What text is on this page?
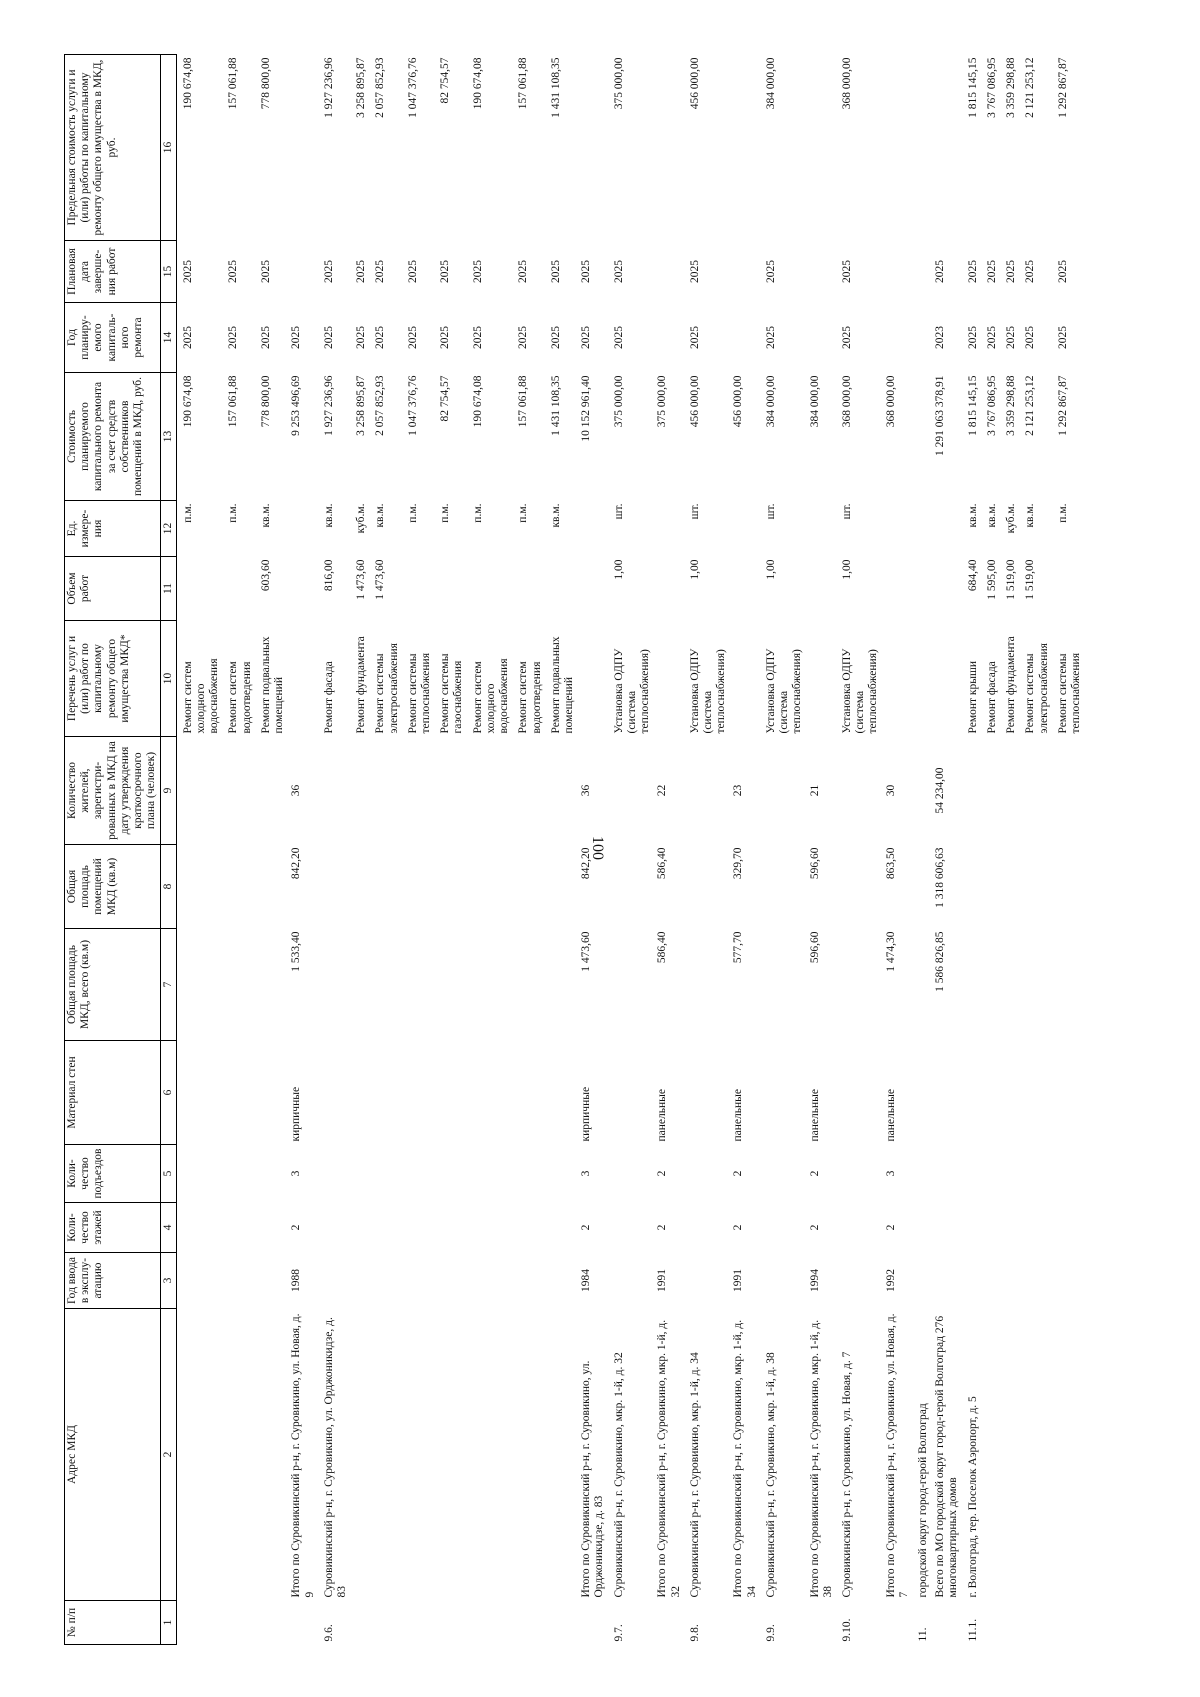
100
№ п/п	Адрес МКД	Год ввода в эксплу-атацию	Коли-чество этажей	Коли-чество подъездов	Материал стен	Общая площадь МКД, всего (кв.м)	Общая площадь помещений МКД (кв.м)	Количество жителей, зарегистри-рованных в МКД на дату утверждения краткосрочного плана (человек)	Перечень услуг и (или) работ по капитальному ремонту общего имущества МКД*	Объем работ	Ед. измере-ния	Стоимость планируемого капитального ремонта за счет средств собственников помещений в МКД, руб.	Год планиру-емого капиталь-ного ремонта	Плановая дата заверше-ния работ	Предельная стоимость услуги и (или) работы по капитальному ремонту общего имущества в МКД, руб.
1	2	3	4	5	6	7	8	9	10	11	12	13	14	15	16
									Ремонт систем холодного водоснабжения		п.м.	190 674,08	2025	2025	190 674,08
									Ремонт систем водоотведения		п.м.	157 061,88	2025	2025	157 061,88
									Ремонт подвальных помещений	603,60	кв.м.	778 800,00	2025	2025	778 800,00
	Итого по Суровикинский р-н, г. Суровикино, ул. Новая, д. 9	1988	2	3	кирпичные	1 533,40	842,20	36				9 253 496,69	2025		
9.6.	Суровикинский р-н, г. Суровикино, ул. Орджоникидзе, д. 83								Ремонт фасада	816,00	кв.м.	1 927 236,96	2025	2025	1 927 236,96
									Ремонт фундамента	1 473,60	куб.м.	3 258 895,87	2025	2025	3 258 895,87
									Ремонт системы электроснабжения	1 473,60	кв.м.	2 057 852,93	2025	2025	2 057 852,93
									Ремонт системы теплоснабжения		п.м.	1 047 376,76	2025	2025	1 047 376,76
									Ремонт системы газоснабжения		п.м.	82 754,57	2025	2025	82 754,57
									Ремонт систем холодного водоснабжения		п.м.	190 674,08	2025	2025	190 674,08
									Ремонт систем водоотведения		п.м.	157 061,88	2025	2025	157 061,88
									Ремонт подвальных помещений		кв.м.	1 431 108,35	2025	2025	1 431 108,35
	Итого по Суровикинский р-н, г. Суровикино, ул. Орджоникидзе, д. 83	1984	2	3	кирпичные	1 473,60	842,20	36				10 152 961,40	2025	2025	
9.7.	Суровикинский р-н, г. Суровикино, мкр. 1-й, д. 32								Установка ОДПУ (система теплоснабжения)	1,00	шт.	375 000,00	2025	2025	375 000,00
	Итого по Суровикинский р-н, г. Суровикино, мкр. 1-й, д. 32	1991	2	2	панельные	586,40	586,40	22				375 000,00			
9.8.	Суровикинский р-н, г. Суровикино, мкр. 1-й, д. 34								Установка ОДПУ (система теплоснабжения)	1,00	шт.	456 000,00	2025	2025	456 000,00
	Итого по Суровикинский р-н, г. Суровикино, мкр. 1-й, д. 34	1991	2	2	панельные	577,70	329,70	23				456 000,00			
9.9.	Суровикинский р-н, г. Суровикино, мкр. 1-й, д. 38								Установка ОДПУ (система теплоснабжения)	1,00	шт.	384 000,00	2025	2025	384 000,00
	Итого по Суровикинский р-н, г. Суровикино, мкр. 1-й, д. 38	1994	2	2	панельные	596,60	596,60	21				384 000,00			
9.10.	Суровикинский р-н, г. Суровикино, ул. Новая, д. 7								Установка ОДПУ (система теплоснабжения)	1,00	шт.	368 000,00	2025	2025	368 000,00
	Итого по Суровикинский р-н, г. Суровикино, ул. Новая, д. 7	1992	2	3	панельные	1 474,30	863,50	30				368 000,00			
11.	городской округ город-герой Волгоград														
	Всего по МО городской округ город-герой Волгоград 276 многоквартирных домов					1 586 826,85	1 318 606,63	54 234,00				1 291 063 378,91	2023	2025	
11.1.	г. Волгоград, тер. Поселок Аэропорт, д. 5								Ремонт крыши	684,40	кв.м.	1 815 145,15	2025	2025	1 815 145,15
									Ремонт фасада	1 595,00	кв.м.	3 767 086,95	2025	2025	3 767 086,95
									Ремонт фундамента	1 519,00	куб.м.	3 359 298,88	2025	2025	3 359 298,88
									Ремонт системы электроснабжения	1 519,00	кв.м.	2 121 253,12	2025	2025	2 121 253,12
									Ремонт системы теплоснабжения		п.м.	1 292 867,87	2025	2025	1 292 867,87
